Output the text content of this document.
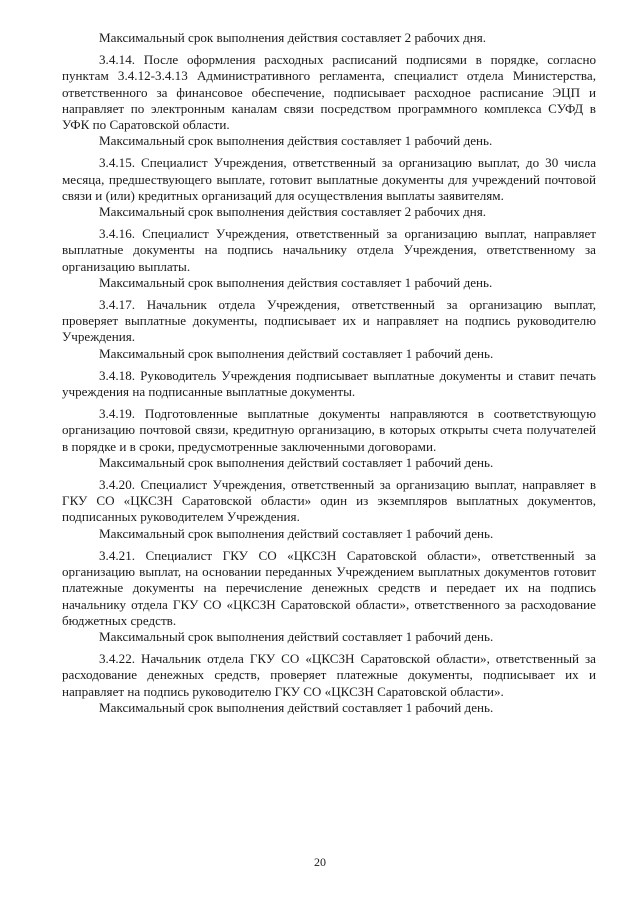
Максимальный срок выполнения действия составляет 2 рабочих дня.

3.4.14. После оформления расходных расписаний подписями в порядке, согласно пунктам 3.4.12-3.4.13 Административного регламента, специалист отдела Министерства, ответственного за финансовое обеспечение, подписывает расходное расписание ЭЦП и направляет по электронным каналам связи посредством программного комплекса СУФД в УФК по Саратовской области.

Максимальный срок выполнения действия составляет 1 рабочий день.

3.4.15. Специалист Учреждения, ответственный за организацию выплат, до 30 числа месяца, предшествующего выплате, готовит выплатные документы для учреждений почтовой связи и (или) кредитных организаций для осуществления выплаты заявителям.

Максимальный срок выполнения действия составляет 2 рабочих дня.

3.4.16. Специалист Учреждения, ответственный за организацию выплат, направляет выплатные документы на подпись начальнику отдела Учреждения, ответственному за организацию выплаты.

Максимальный срок выполнения действия составляет 1 рабочий день.

3.4.17. Начальник отдела Учреждения, ответственный за организацию выплат, проверяет выплатные документы, подписывает их и направляет на подпись руководителю Учреждения.

Максимальный срок выполнения действий составляет 1 рабочий день.

3.4.18. Руководитель Учреждения подписывает выплатные документы и ставит печать учреждения на подписанные выплатные документы.

3.4.19. Подготовленные выплатные документы направляются в соответствующую организацию почтовой связи, кредитную организацию, в которых открыты счета получателей в порядке и в сроки, предусмотренные заключенными договорами.

Максимальный срок выполнения действий составляет 1 рабочий день.

3.4.20. Специалист Учреждения, ответственный за организацию выплат, направляет в ГКУ СО «ЦКСЗН Саратовской области» один из экземпляров выплатных документов, подписанных руководителем Учреждения.

Максимальный срок выполнения действий составляет 1 рабочий день.

3.4.21. Специалист ГКУ СО «ЦКСЗН Саратовской области», ответственный за организацию выплат, на основании переданных Учреждением выплатных документов готовит платежные документы на перечисление денежных средств и передает их на подпись начальнику отдела ГКУ СО «ЦКСЗН Саратовской области», ответственного за расходование бюджетных средств.

Максимальный срок выполнения действий составляет 1 рабочий день.

3.4.22. Начальник отдела ГКУ СО «ЦКСЗН Саратовской области», ответственный за расходование денежных средств, проверяет платежные документы, подписывает их и направляет на подпись руководителю ГКУ СО «ЦКСЗН Саратовской области».

Максимальный срок выполнения действий составляет 1 рабочий день.

20
